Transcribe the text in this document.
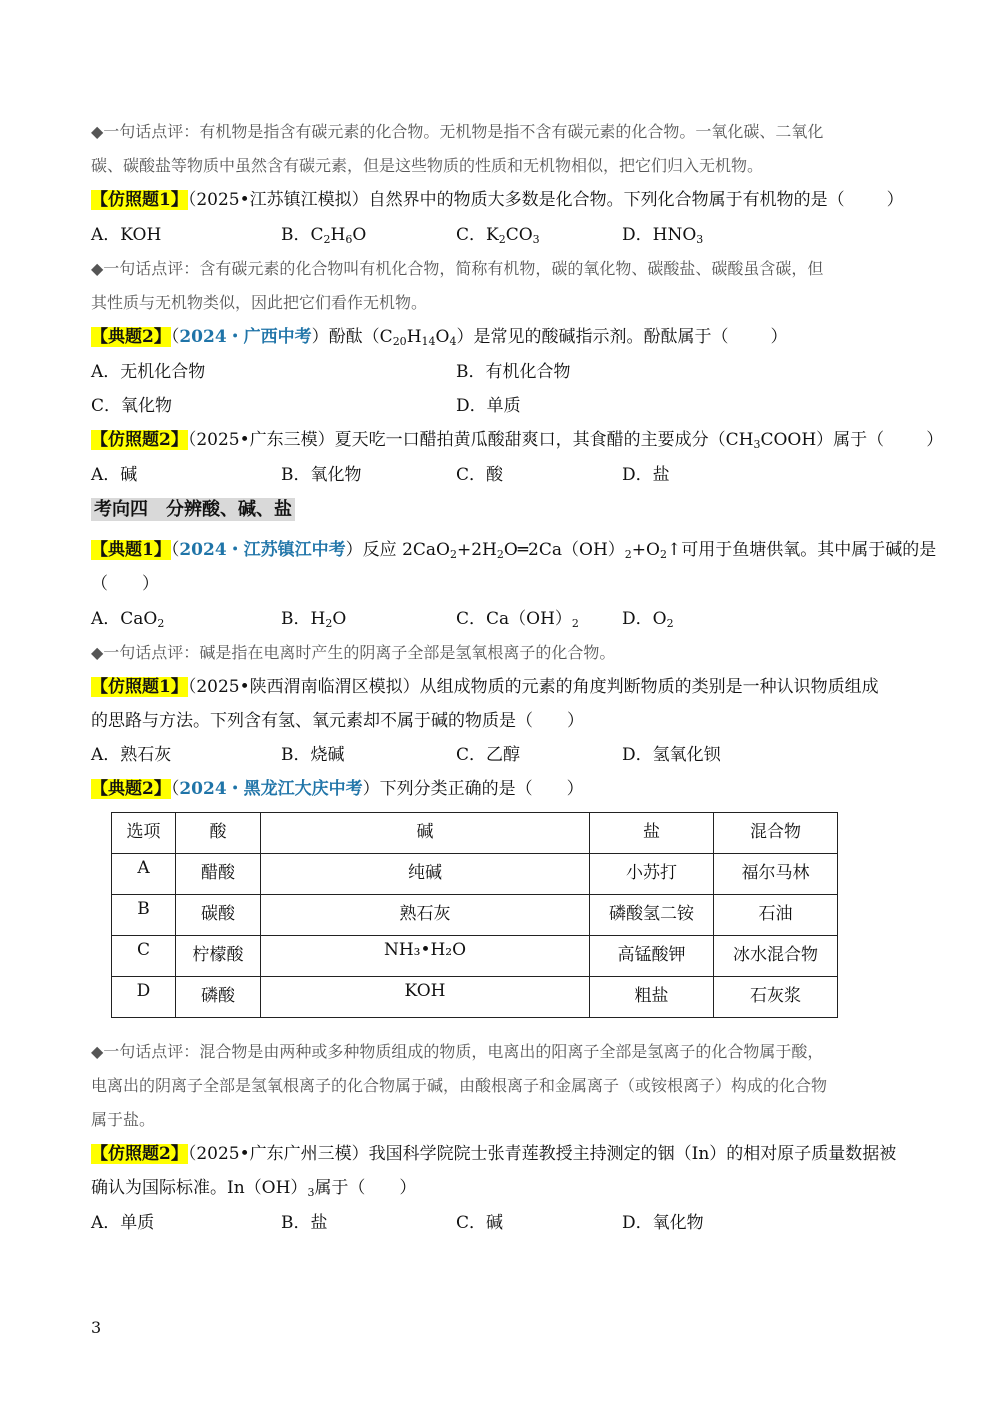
◆一句话点评：有机物是指含有碳元素的化合物。无机物是指不含有碳元素的化合物。一氧化碳、二氧化
碳、碳酸盐等物质中虽然含有碳元素，但是这些物质的性质和无机物相似，把它们归入无机物。
【仿照题1】（2025•江苏镇江模拟）自然界中的物质大多数是化合物。下列化合物属于有机物的是（ ）
A．KOH	B．$C_2H_6O$	C．$K_2CO_3$	D．$HNO_3$
◆一句话点评：含有碳元素的化合物叫有机化合物，简称有机物，碳的氧化物、碳酸盐、碳酸虽含碳，但
其性质与无机物类似，因此把它们看作无机物。
【典题2】（2024・广西中考）酚酞$(C_{20}H_{14}O_4)$是常见的酸碱指示剂。酚酞属于（ ）
A．无机化合物	B．有机化合物
C．氧化物	D．单质
【仿照题2】（2025•广东三模）夏天吃一口醋拍黄瓜酸甜爽口，其食醋的主要成分$(CH_3COOH)$属于（ ）
A．碱	B．氧化物	C．酸	D．盐
考向四　分辨酸、碱、盐
【典题1】（2024・江苏镇江中考）反应 $2CaO_2+2H_2O═2Ca(OH)_2+O_2↑$可用于鱼塘供氧。其中属于碱的是
（　　）
A．CaO$_2$	B．$H_2O$	C．$Ca(OH)_2$	D．$O_2$
◆一句话点评：碱是指在电离时产生的阴离子全部是氢氧根离子的化合物。
【仿照题1】（2025•陕西渭南临渭区模拟）从组成物质的元素的角度判断物质的类别是一种认识物质组成
的思路与方法。下列含有氢、氧元素却不属于碱的物质是（　　）
A．熟石灰	B．烧碱	C．乙醇	D．氢氧化钡
【典题2】（2024・黑龙江大庆中考）下列分类正确的是（　　）
选项	酸	碱	盐	混合物
A	醋酸	纯碱	小苏打	福尔马林
B	碳酸	熟石灰	磷酸氢二铵	石油
C	柠檬酸	NH₃•H₂O	高锰酸钾	冰水混合物
D	磷酸	KOH	粗盐	石灰浆
◆一句话点评：混合物是由两种或多种物质组成的物质，电离出的阳离子全部是氢离子的化合物属于酸，
电离出的阴离子全部是氢氧根离子的化合物属于碱，由酸根离子和金属离子（或铵根离子）构成的化合物
属于盐。
【仿照题2】（2025•广东广州三模）我国科学院院士张青莲教授主持测定的铟（In）的相对原子质量数据被
确认为国际标准。$In(OH)_3$属于（　　）
A．单质	B．盐	C．碱	D．氧化物
3
